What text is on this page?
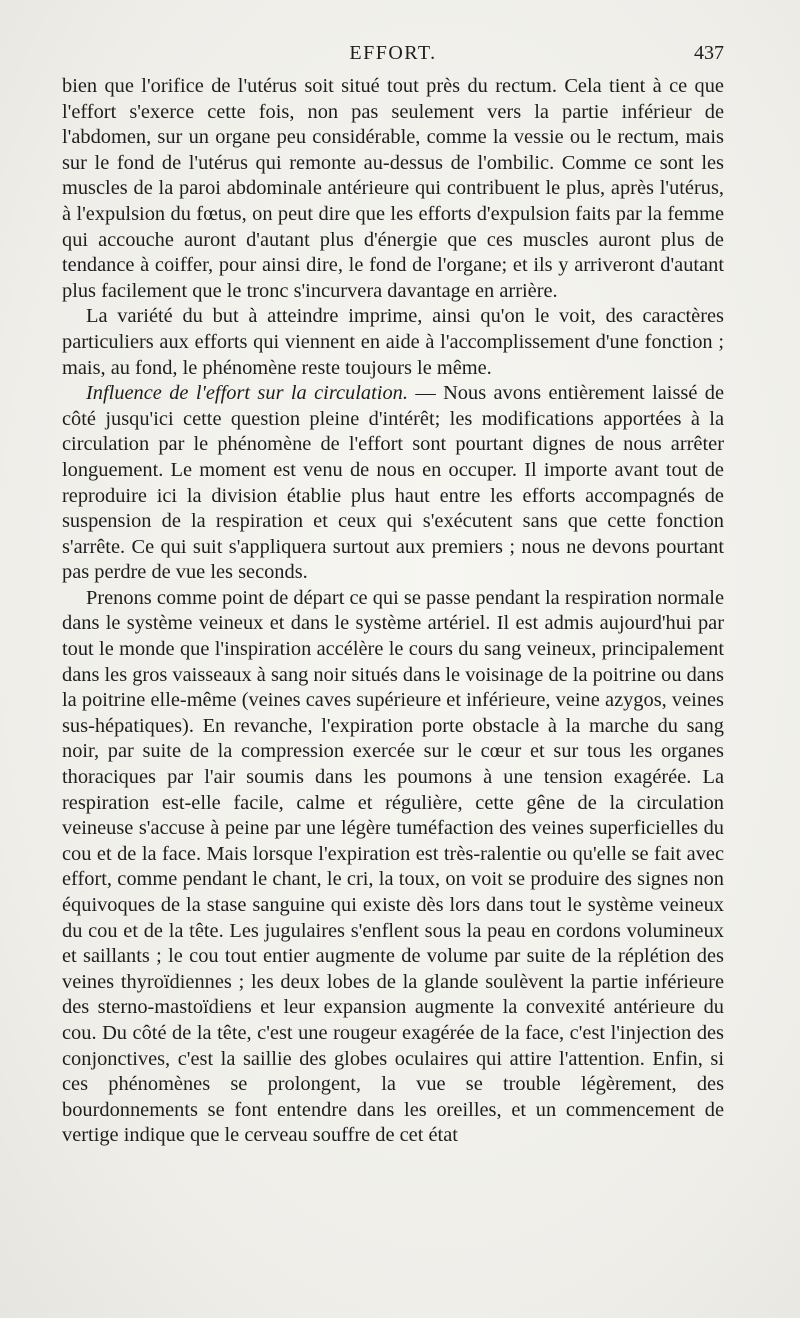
EFFORT.	437

bien que l'orifice de l'utérus soit situé tout près du rectum. Cela tient à ce que l'effort s'exerce cette fois, non pas seulement vers la partie inférieur de l'abdomen, sur un organe peu considérable, comme la vessie ou le rectum, mais sur le fond de l'utérus qui remonte au-dessus de l'ombilic. Comme ce sont les muscles de la paroi abdominale antérieure qui contribuent le plus, après l'utérus, à l'expulsion du fœtus, on peut dire que les efforts d'expulsion faits par la femme qui accouche auront d'autant plus d'énergie que ces muscles auront plus de tendance à coiffer, pour ainsi dire, le fond de l'organe; et ils y arriveront d'autant plus facilement que le tronc s'incurvera davantage en arrière.

La variété du but à atteindre imprime, ainsi qu'on le voit, des caractères particuliers aux efforts qui viennent en aide à l'accomplissement d'une fonction ; mais, au fond, le phénomène reste toujours le même.

Influence de l'effort sur la circulation. — Nous avons entièrement laissé de côté jusqu'ici cette question pleine d'intérêt; les modifications apportées à la circulation par le phénomène de l'effort sont pourtant dignes de nous arrêter longuement. Le moment est venu de nous en occuper. Il importe avant tout de reproduire ici la division établie plus haut entre les efforts accompagnés de suspension de la respiration et ceux qui s'exécutent sans que cette fonction s'arrête. Ce qui suit s'appliquera surtout aux premiers ; nous ne devons pourtant pas perdre de vue les seconds.

Prenons comme point de départ ce qui se passe pendant la respiration normale dans le système veineux et dans le système artériel. Il est admis aujourd'hui par tout le monde que l'inspiration accélère le cours du sang veineux, principalement dans les gros vaisseaux à sang noir situés dans le voisinage de la poitrine ou dans la poitrine elle-même (veines caves supérieure et inférieure, veine azygos, veines sus-hépatiques). En revanche, l'expiration porte obstacle à la marche du sang noir, par suite de la compression exercée sur le cœur et sur tous les organes thoraciques par l'air soumis dans les poumons à une tension exagérée. La respiration est-elle facile, calme et régulière, cette gêne de la circulation veineuse s'accuse à peine par une légère tuméfaction des veines superficielles du cou et de la face. Mais lorsque l'expiration est très-ralentie ou qu'elle se fait avec effort, comme pendant le chant, le cri, la toux, on voit se produire des signes non équivoques de la stase sanguine qui existe dès lors dans tout le système veineux du cou et de la tête. Les jugulaires s'enflent sous la peau en cordons volumineux et saillants ; le cou tout entier augmente de volume par suite de la réplétion des veines thyroïdiennes ; les deux lobes de la glande soulèvent la partie inférieure des sterno-mastoïdiens et leur expansion augmente la convexité antérieure du cou. Du côté de la tête, c'est une rougeur exagérée de la face, c'est l'injection des conjonctives, c'est la saillie des globes oculaires qui attire l'attention. Enfin, si ces phénomènes se prolongent, la vue se trouble légèrement, des bourdonnements se font entendre dans les oreilles, et un commencement de vertige indique que le cerveau souffre de cet état
